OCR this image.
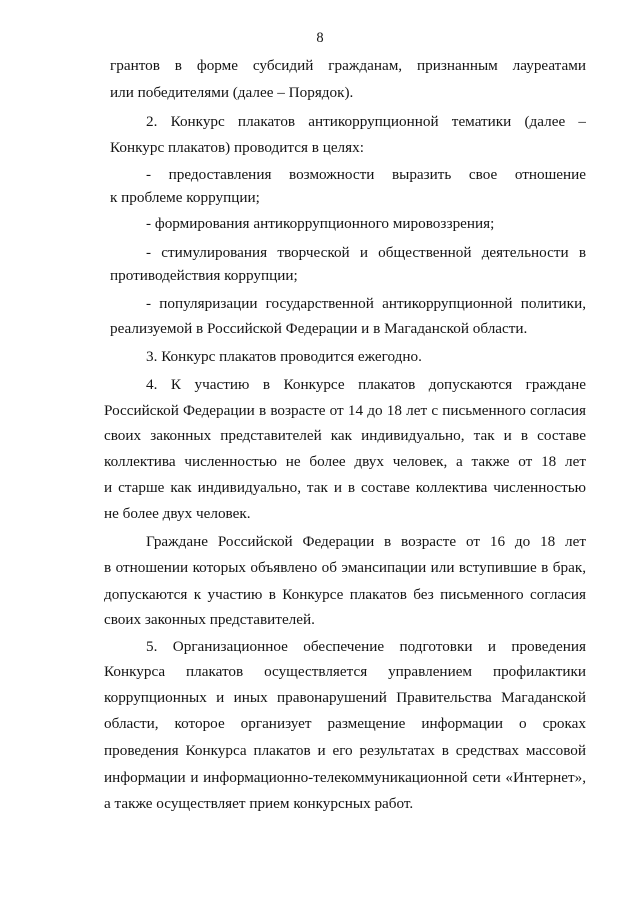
8
грантов в форме субсидий гражданам, признанным лауреатами
или победителями (далее – Порядок).
2. Конкурс плакатов антикоррупционной тематики (далее –
Конкурс плакатов) проводится в целях:
- предоставления возможности выразить свое отношение
к проблеме коррупции;
- формирования антикоррупционного мировоззрения;
- стимулирования творческой и общественной деятельности в
противодействия коррупции;
- популяризации государственной антикоррупционной политики,
реализуемой в Российской Федерации и в Магаданской области.
3. Конкурс плакатов проводится ежегодно.
4. К участию в Конкурсе плакатов допускаются граждане
Российской Федерации в возрасте от 14 до 18 лет с письменного согласия
своих законных представителей как индивидуально, так и в составе
коллектива численностью не более двух человек, а также от 18 лет
и старше как индивидуально, так и в составе коллектива численностью
не более двух человек.
Граждане Российской Федерации в возрасте от 16 до 18 лет
в отношении которых объявлено об эмансипации или вступившие в брак,
допускаются к участию в Конкурсе плакатов без письменного согласия
своих законных представителей.
5. Организационное обеспечение подготовки и проведения
Конкурса плакатов осуществляется управлением профилактики
коррупционных и иных правонарушений Правительства Магаданской
области, которое организует размещение информации о сроках
проведения Конкурса плакатов и его результатах в средствах массовой
информации и информационно-телекоммуникационной сети «Интернет»,
а также осуществляет прием конкурсных работ.
